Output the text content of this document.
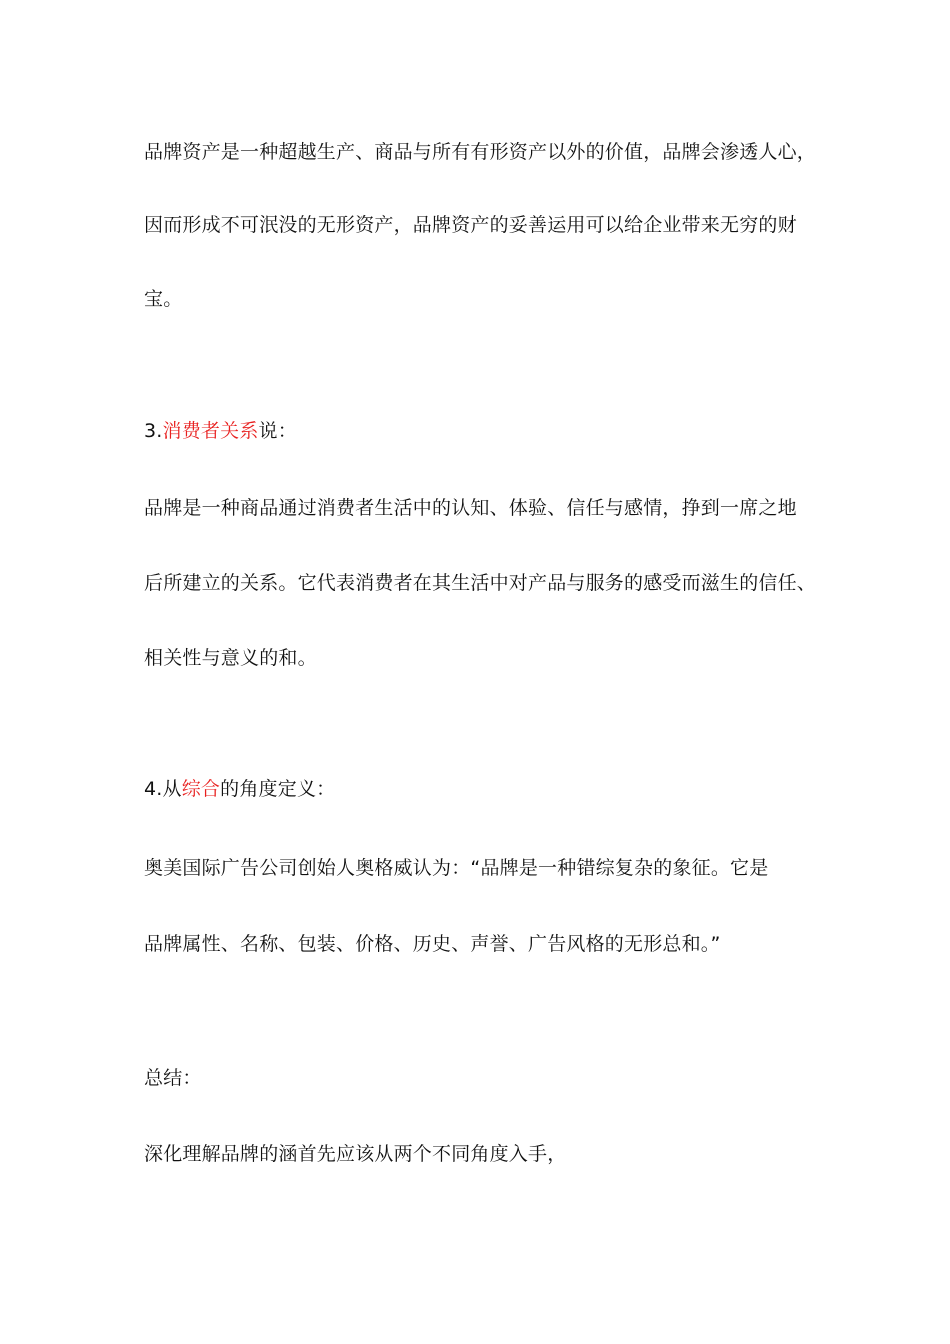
品牌资产是一种超越生产、商品与所有有形资产以外的价值，品牌会渗透人心，
因而形成不可泯没的无形资产，品牌资产的妥善运用可以给企业带来无穷的财
宝。
3.消费者关系说：
品牌是一种商品通过消费者生活中的认知、体验、信任与感情，挣到一席之地
后所建立的关系。它代表消费者在其生活中对产品与服务的感受而滋生的信任、
相关性与意义的和。
4.从综合的角度定义：
奥美国际广告公司创始人奥格威认为：“品牌是一种错综复杂的象征。它是
品牌属性、名称、包装、价格、历史、声誉、广告风格的无形总和。”
总结：
深化理解品牌的涵首先应该从两个不同角度入手，
